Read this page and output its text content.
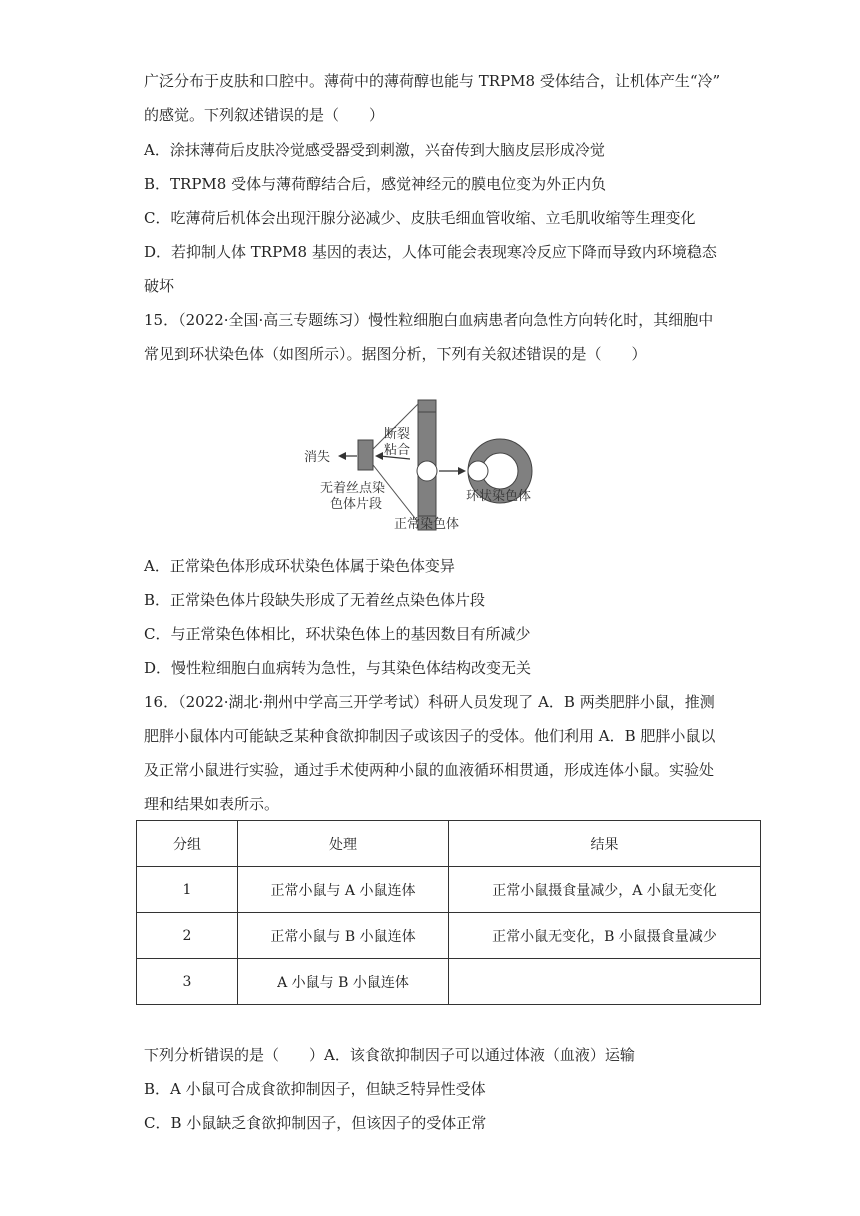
广泛分布于皮肤和口腔中。薄荷中的薄荷醇也能与 TRPM8 受体结合，让机体产生“冷”
的感觉。下列叙述错误的是（　　）
A．涂抹薄荷后皮肤冷觉感受器受到刺激，兴奋传到大脑皮层形成冷觉
B．TRPM8 受体与薄荷醇结合后，感觉神经元的膜电位变为外正内负
C．吃薄荷后机体会出现汗腺分泌减少、皮肤毛细血管收缩、立毛肌收缩等生理变化
D．若抑制人体 TRPM8 基因的表达，人体可能会表现寒冷反应下降而导致内环境稳态
破坏
15．（2022·全国·高三专题练习）慢性粒细胞白血病患者向急性方向转化时，其细胞中
常见到环状染色体（如图所示）。据图分析，下列有关叙述错误的是（　　）
消失
断裂
粘合
无着丝点染
色体片段
正常染色体
环状染色体
A．正常染色体形成环状染色体属于染色体变异
B．正常染色体片段缺失形成了无着丝点染色体片段
C．与正常染色体相比，环状染色体上的基因数目有所减少
D．慢性粒细胞白血病转为急性，与其染色体结构改变无关
16．（2022·湖北·荆州中学高三开学考试）科研人员发现了 A．B 两类肥胖小鼠，推测
肥胖小鼠体内可能缺乏某种食欲抑制因子或该因子的受体。他们利用 A．B 肥胖小鼠以
及正常小鼠进行实验，通过手术使两种小鼠的血液循环相贯通，形成连体小鼠。实验处
理和结果如表所示。
分组	处理	结果
1	正常小鼠与 A 小鼠连体	正常小鼠摄食量减少，A 小鼠无变化
2	正常小鼠与 B 小鼠连体	正常小鼠无变化，B 小鼠摄食量减少
3	A 小鼠与 B 小鼠连体	
下列分析错误的是（　　）A．该食欲抑制因子可以通过体液（血液）运输
B．A 小鼠可合成食欲抑制因子，但缺乏特异性受体
C．B 小鼠缺乏食欲抑制因子，但该因子的受体正常
